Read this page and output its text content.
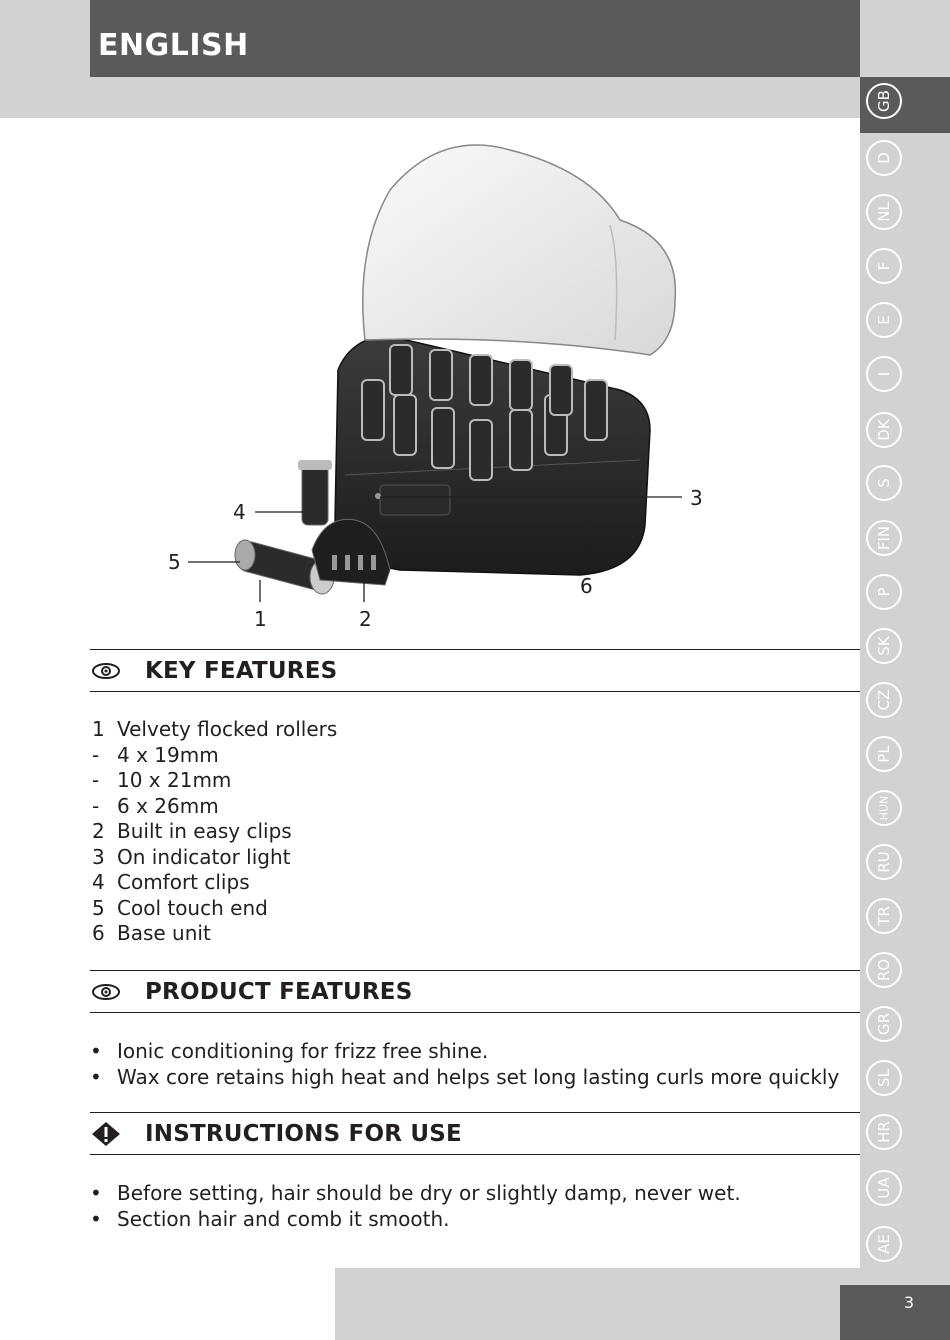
ENGLISH
GB
D
NL
F
E
I
DK
S
FIN
P
SK
CZ
PL
HUN
RU
TR
RO
GR
SL
HR
UA
AE
1	2
3
4
5
6
KEY FEATURES
1 Velvety flocked rollers
- 4 x 19mm
- 10 x 21mm
- 6 x 26mm
2 Built in easy clips
3 On indicator light
4 Comfort clips
5 Cool touch end
6 Base unit
PRODUCT FEATURES
• Ionic conditioning for frizz free shine.
• Wax core retains high heat and helps set long lasting curls more quickly
INSTRUCTIONS FOR USE
• Before setting, hair should be dry or slightly damp, never wet.
• Section hair and comb it smooth.
3
